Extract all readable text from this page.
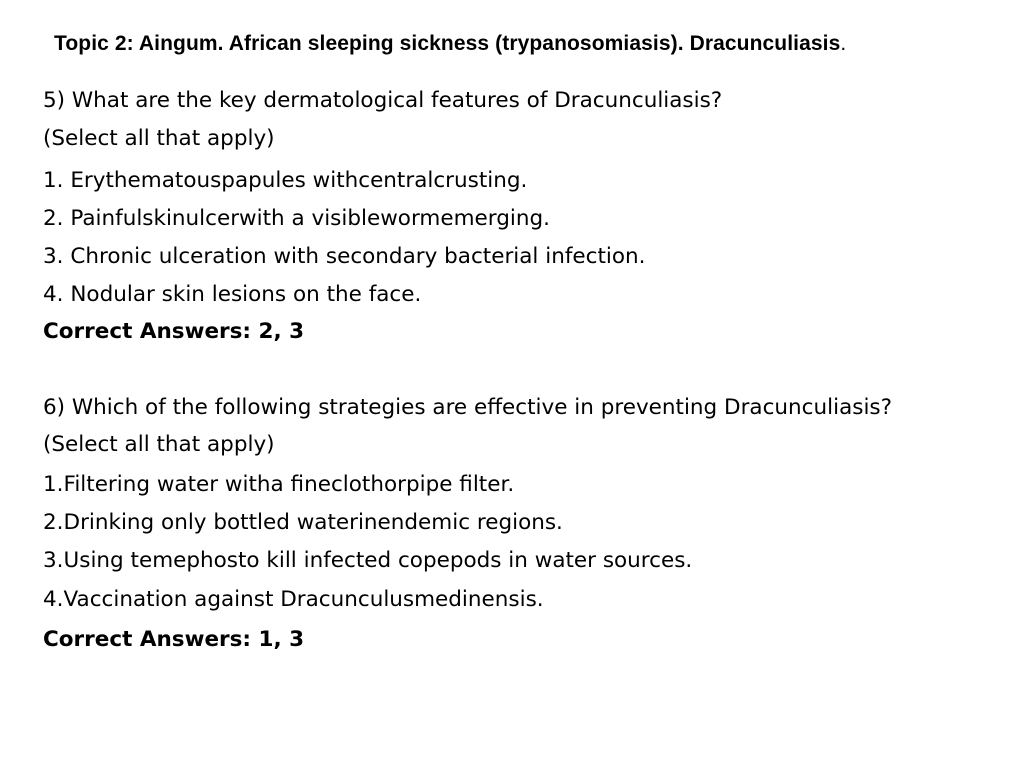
Topic 2: Aingum. African sleeping sickness (trypanosomiasis). Dracunculiasis.
5) What are the key dermatological features of Dracunculiasis?
(Select all that apply)
1. Erythematouspapules withcentralcrusting.
2. Painfulskinulcerwith a visiblewormemerging.
3. Chronic ulceration with secondary bacterial infection.
4. Nodular skin lesions on the face.
Correct Answers: 2, 3
6) Which of the following strategies are effective in preventing Dracunculiasis?
(Select all that apply)
1.Filtering water witha fineclothorpipe filter.
2.Drinking only bottled waterinendemic regions.
3.Using temephosto kill infected copepods in water sources.
4.Vaccination against Dracunculusmedinensis.
Correct Answers: 1, 3
